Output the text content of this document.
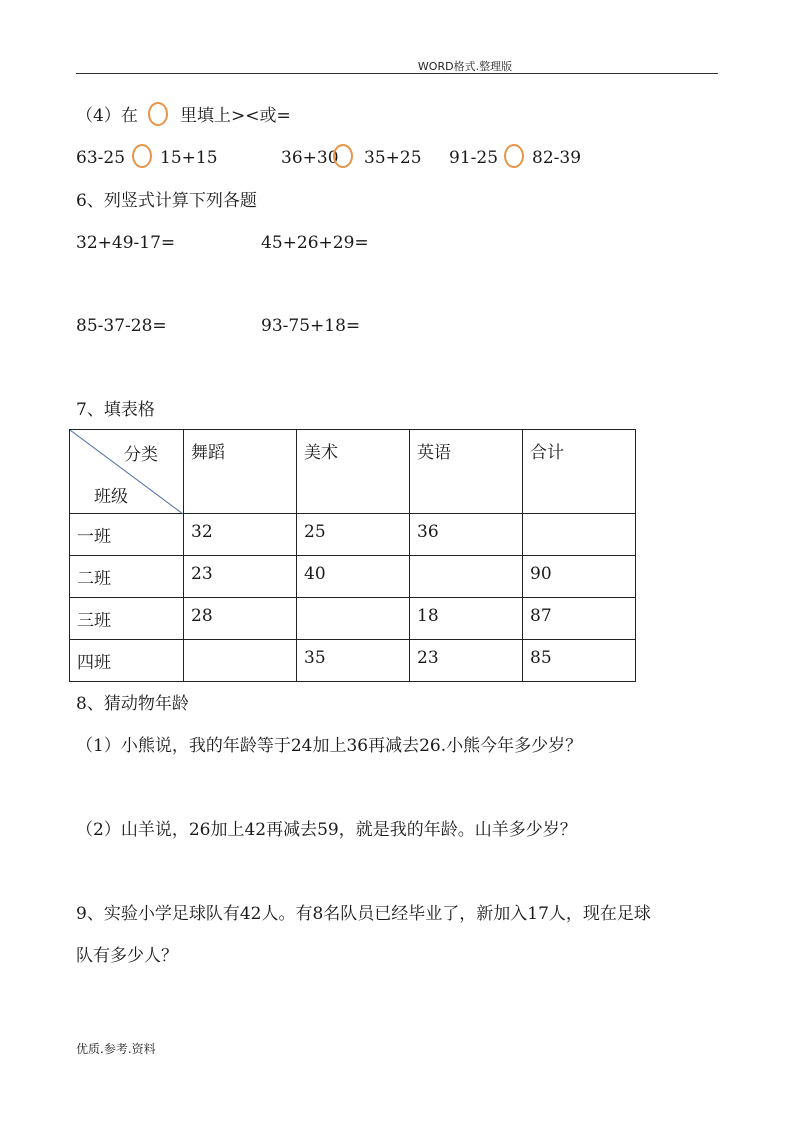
WORD格式.整理版
（4）在 里填上><或=
63-25 15+15	36+30 35+25 91-25 82-39
6、列竖式计算下列各题
32+49-17=	45+26+29=
85-37-28=	93-75+18=
7、填表格
分类
班级	舞蹈	美术	英语	合计
一班	32	25	36	
二班	23	40		90
三班	28		18	87
四班		35	23	85
8、猜动物年龄
（1）小熊说，我的年龄等于24加上36再减去26.小熊今年多少岁？
（2）山羊说，26加上42再减去59，就是我的年龄。山羊多少岁？
9、实验小学足球队有42人。有8名队员已经毕业了，新加入17人，现在足球
队有多少人？
优质.参考.资料
